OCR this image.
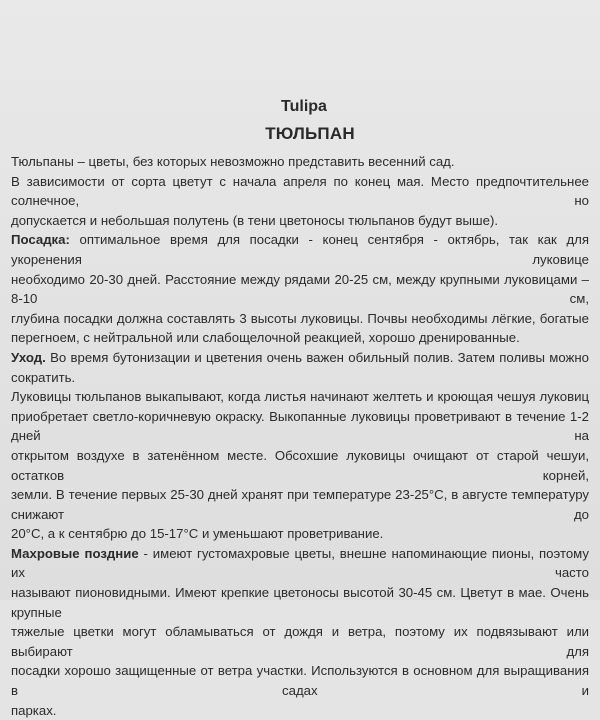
Tulipa
ТЮЛЬПАН
Тюльпаны – цветы, без которых невозможно представить весенний сад.
В зависимости от сорта цветут с начала апреля по конец мая. Место предпочтительнее солнечное, но
допускается и небольшая полутень (в тени цветоносы тюльпанов будут выше).
Посадка: оптимальное время для посадки - конец сентября - октябрь, так как для укоренения луковице
необходимо 20-30 дней. Расстояние между рядами 20-25 см, между крупными луковицами – 8-10 см,
глубина посадки должна составлять 3 высоты луковицы. Почвы необходимы лёгкие, богатые
перегноем, с нейтральной или слабощелочной реакцией, хорошо дренированные.
Уход. Во время бутонизации и цветения очень важен обильный полив. Затем поливы можно сократить.
Луковицы тюльпанов выкапывают, когда листья начинают желтеть и кроющая чешуя луковиц
приобретает светло-коричневую окраску. Выкопанные луковицы проветривают в течение 1-2 дней на
открытом воздухе в затенённом месте. Обсохшие луковицы очищают от старой чешуи, остатков корней,
земли. В течение первых 25-30 дней хранят при температуре 23-25°С, в августе температуру снижают до
20°С, а к сентябрю до 15-17°С и уменьшают проветривание.
Махровые поздние - имеют густомахровые цветы, внешне напоминающие пионы, поэтому их часто
называют пионовидными. Имеют крепкие цветоносы высотой 30-45 см. Цветут в мае. Очень крупные
тяжелые цветки могут обламываться от дождя и ветра, поэтому их подвязывают или выбирают для
посадки хорошо защищенные от ветра участки. Используются в основном для выращивания в садах и
парках.
